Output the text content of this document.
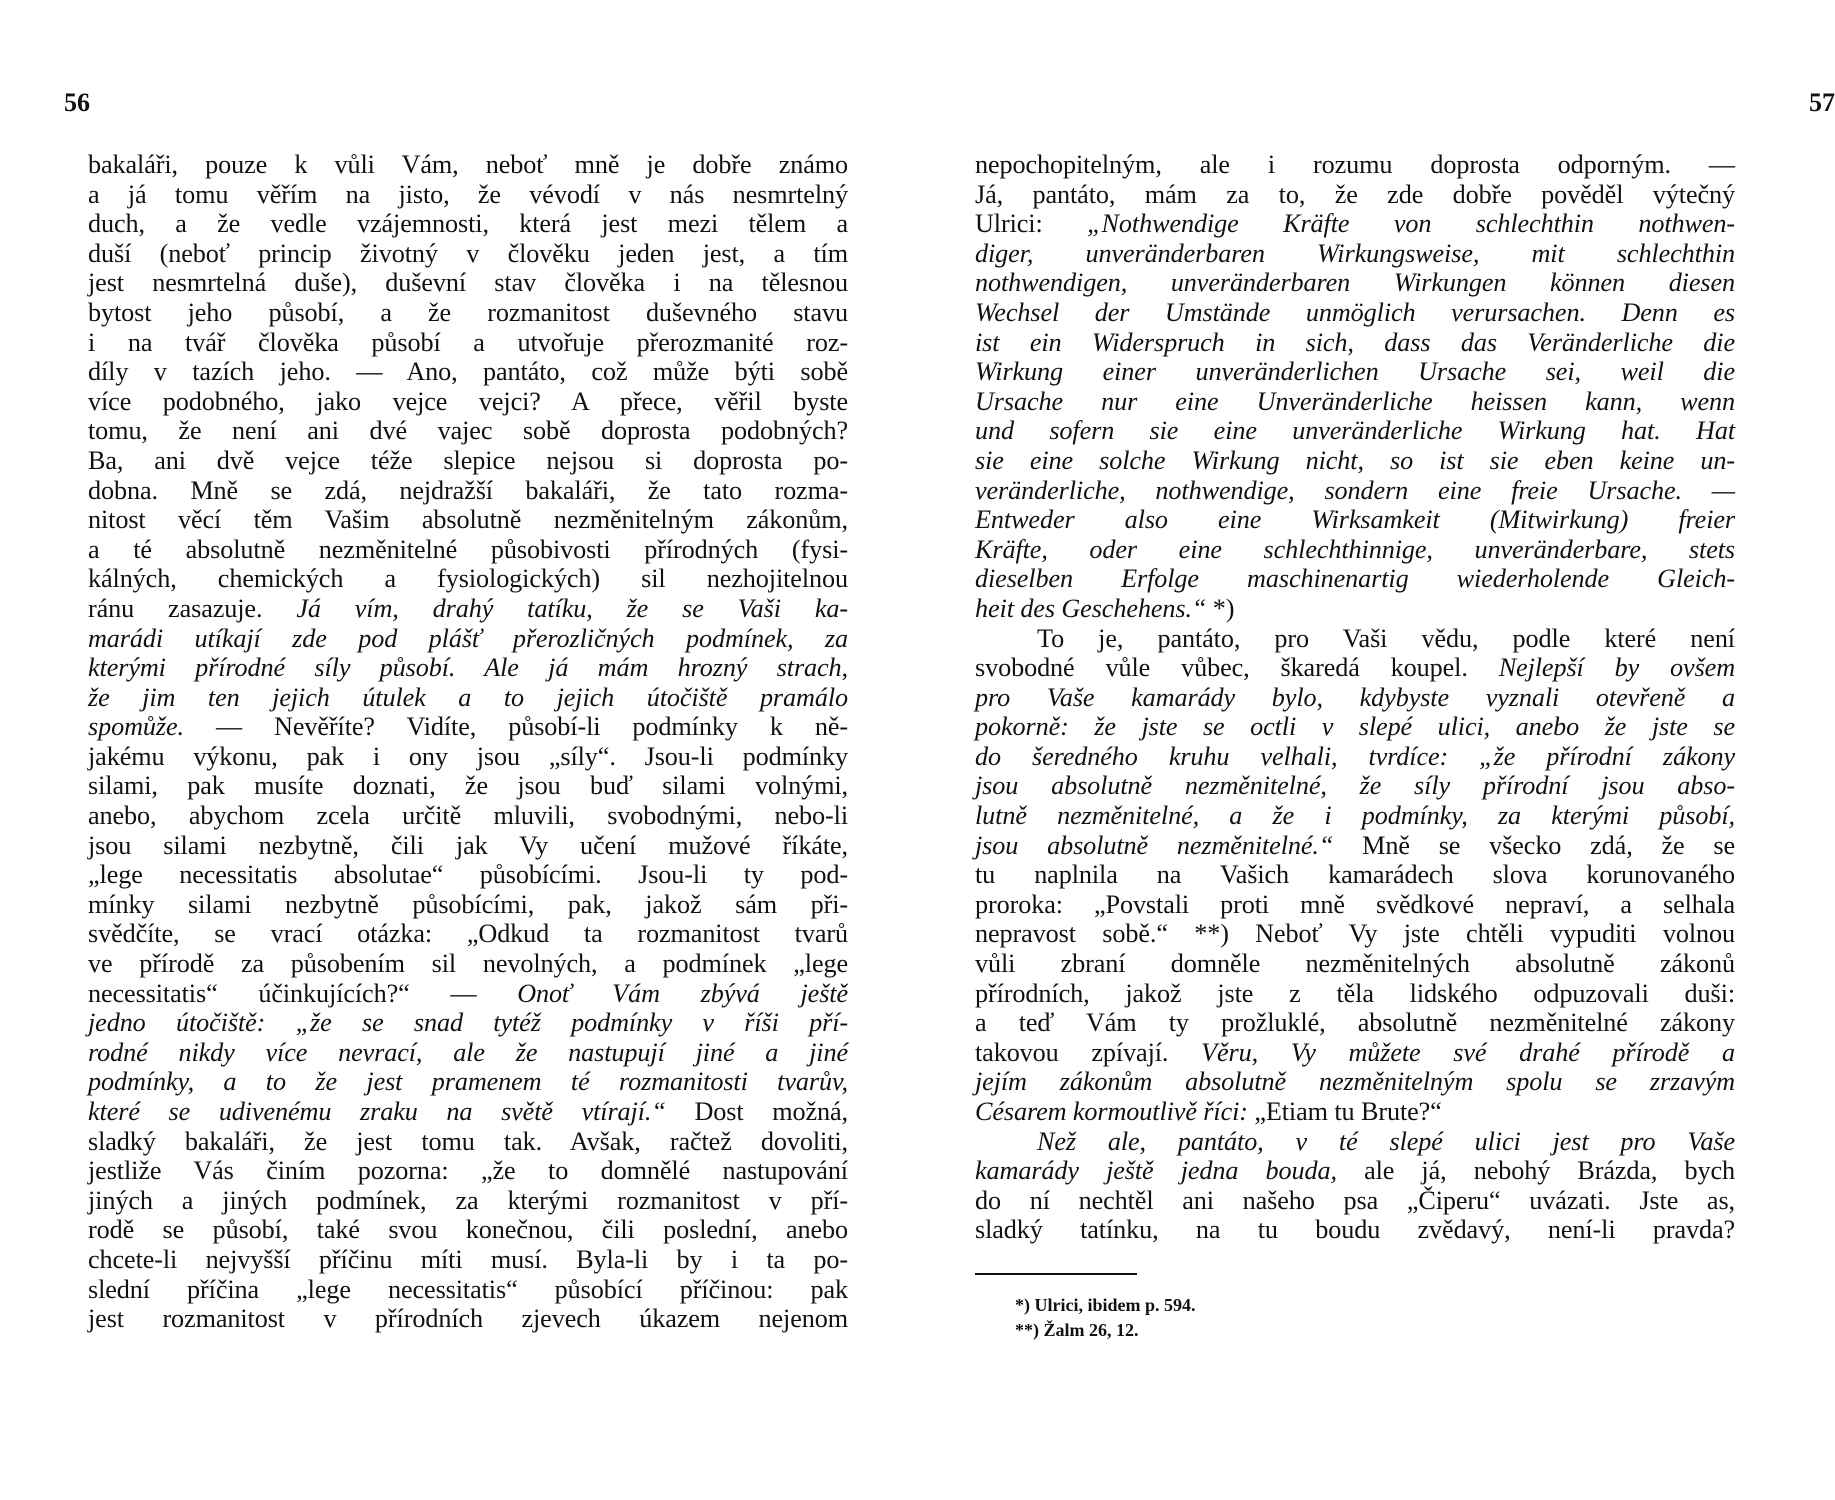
56
bakaláři, pouze k vůli Vám, neboť mně je dobře známo
a já tomu věřím na jisto, že vévodí v nás nesmrtelný
duch, a že vedle vzájemnosti, která jest mezi tělem a
duší (neboť princip životný v člověku jeden jest, a tím
jest nesmrtelná duše), duševní stav člověka i na tělesnou
bytost jeho působí, a že rozmanitost duševného stavu
i na tvář člověka působí a utvořuje přerozmanité roz-
díly v tazích jeho. — Ano, pantáto, což může býti sobě
více podobného, jako vejce vejci? A přece, věřil byste
tomu, že není ani dvé vajec sobě doprosta podobných?
Ba, ani dvě vejce téže slepice nejsou si doprosta po-
dobna. Mně se zdá, nejdražší bakaláři, že tato rozma-
nitost věcí těm Vašim absolutně nezměnitelným zákonům,
a té absolutně nezměnitelné působivosti přírodných (fysi-
kálných, chemických a fysiologických) sil nezhojitelnou
ránu zasazuje. Já vím, drahý tatíku, že se Vaši ka-
marádi utíkají zde pod plášť přerozličných podmínek, za
kterými přírodné síly působí. Ale já mám hrozný strach,
že jim ten jejich útulek a to jejich útočiště pramálo
spomůže. — Nevěříte? Vidíte, působí-li podmínky k ně-
jakému výkonu, pak i ony jsou „síly“. Jsou-li podmínky
silami, pak musíte doznati, že jsou buď silami volnými,
anebo, abychom zcela určitě mluvili, svobodnými, nebo-li
jsou silami nezbytně, čili jak Vy učení mužové říkáte,
„lege necessitatis absolutae“ působícími. Jsou-li ty pod-
mínky silami nezbytně působícími, pak, jakož sám při-
svědčíte, se vrací otázka: „Odkud ta rozmanitost tvarů
ve přírodě za působením sil nevolných, a podmínek „lege
necessitatis“ účinkujících?“ — Onoť Vám zbývá ještě
jedno útočiště: „že se snad tytéž podmínky v říši pří-
rodné nikdy více nevrací, ale že nastupují jiné a jiné
podmínky, a to že jest pramenem té rozmanitosti tvarův,
které se udivenému zraku na světě vtírají.“ Dost možná,
sladký bakaláři, že jest tomu tak. Avšak, račtež dovoliti,
jestliže Vás činím pozorna: „že to domnělé nastupování
jiných a jiných podmínek, za kterými rozmanitost v pří-
rodě se působí, také svou konečnou, čili poslední, anebo
chcete-li nejvyšší příčinu míti musí. Byla-li by i ta po-
slední příčina „lege necessitatis“ působící příčinou: pak
jest rozmanitost v přírodních zjevech úkazem nejenom
57
nepochopitelným, ale i rozumu doprosta odporným. —
Já, pantáto, mám za to, že zde dobře pověděl výtečný
Ulrici: „Nothwendige Kräfte von schlechthin nothwen-
diger, unveränderbaren Wirkungsweise, mit schlechthin
nothwendigen, unveränderbaren Wirkungen können diesen
Wechsel der Umstände unmöglich verursachen. Denn es
ist ein Widerspruch in sich, dass das Veränderliche die
Wirkung einer unveränderlichen Ursache sei, weil die
Ursache nur eine Unveränderliche heissen kann, wenn
und sofern sie eine unveränderliche Wirkung hat. Hat
sie eine solche Wirkung nicht, so ist sie eben keine un-
veränderliche, nothwendige, sondern eine freie Ursache. —
Entweder also eine Wirksamkeit (Mitwirkung) freier
Kräfte, oder eine schlechthinnige, unveränderbare, stets
dieselben Erfolge maschinenartig wiederholende Gleich-
heit des Geschehens.“ *)
To je, pantáto, pro Vaši vědu, podle které není
svobodné vůle vůbec, škaredá koupel. Nejlepší by ovšem
pro Vaše kamarády bylo, kdybyste vyznali otevřeně a
pokorně: že jste se octli v slepé ulici, anebo že jste se
do šeredného kruhu velhali, tvrdíce: „že přírodní zákony
jsou absolutně nezměnitelné, že síly přírodní jsou abso-
lutně nezměnitelné, a že i podmínky, za kterými působí,
jsou absolutně nezměnitelné.“ Mně se všecko zdá, že se
tu naplnila na Vašich kamarádech slova korunovaného
proroka: „Povstali proti mně svědkové nepraví, a selhala
nepravost sobě.“ **) Neboť Vy jste chtěli vypuditi volnou
vůli zbraní domněle nezměnitelných absolutně zákonů
přírodních, jakož jste z těla lidského odpuzovali duši:
a teď Vám ty prožluklé, absolutně nezměnitelné zákony
takovou zpívají. Věru, Vy můžete své drahé přírodě a
jejím zákonům absolutně nezměnitelným spolu se zrzavým
Césarem kormoutlivě říci: „Etiam tu Brute?“
Než ale, pantáto, v té slepé ulici jest pro Vaše
kamarády ještě jedna bouda, ale já, nebohý Brázda, bych
do ní nechtěl ani našeho psa „Čiperu“ uvázati. Jste as,
sladký tatínku, na tu boudu zvědavý, není-li pravda?
*) Ulrici, ibidem p. 594.
**) Žalm 26, 12.
